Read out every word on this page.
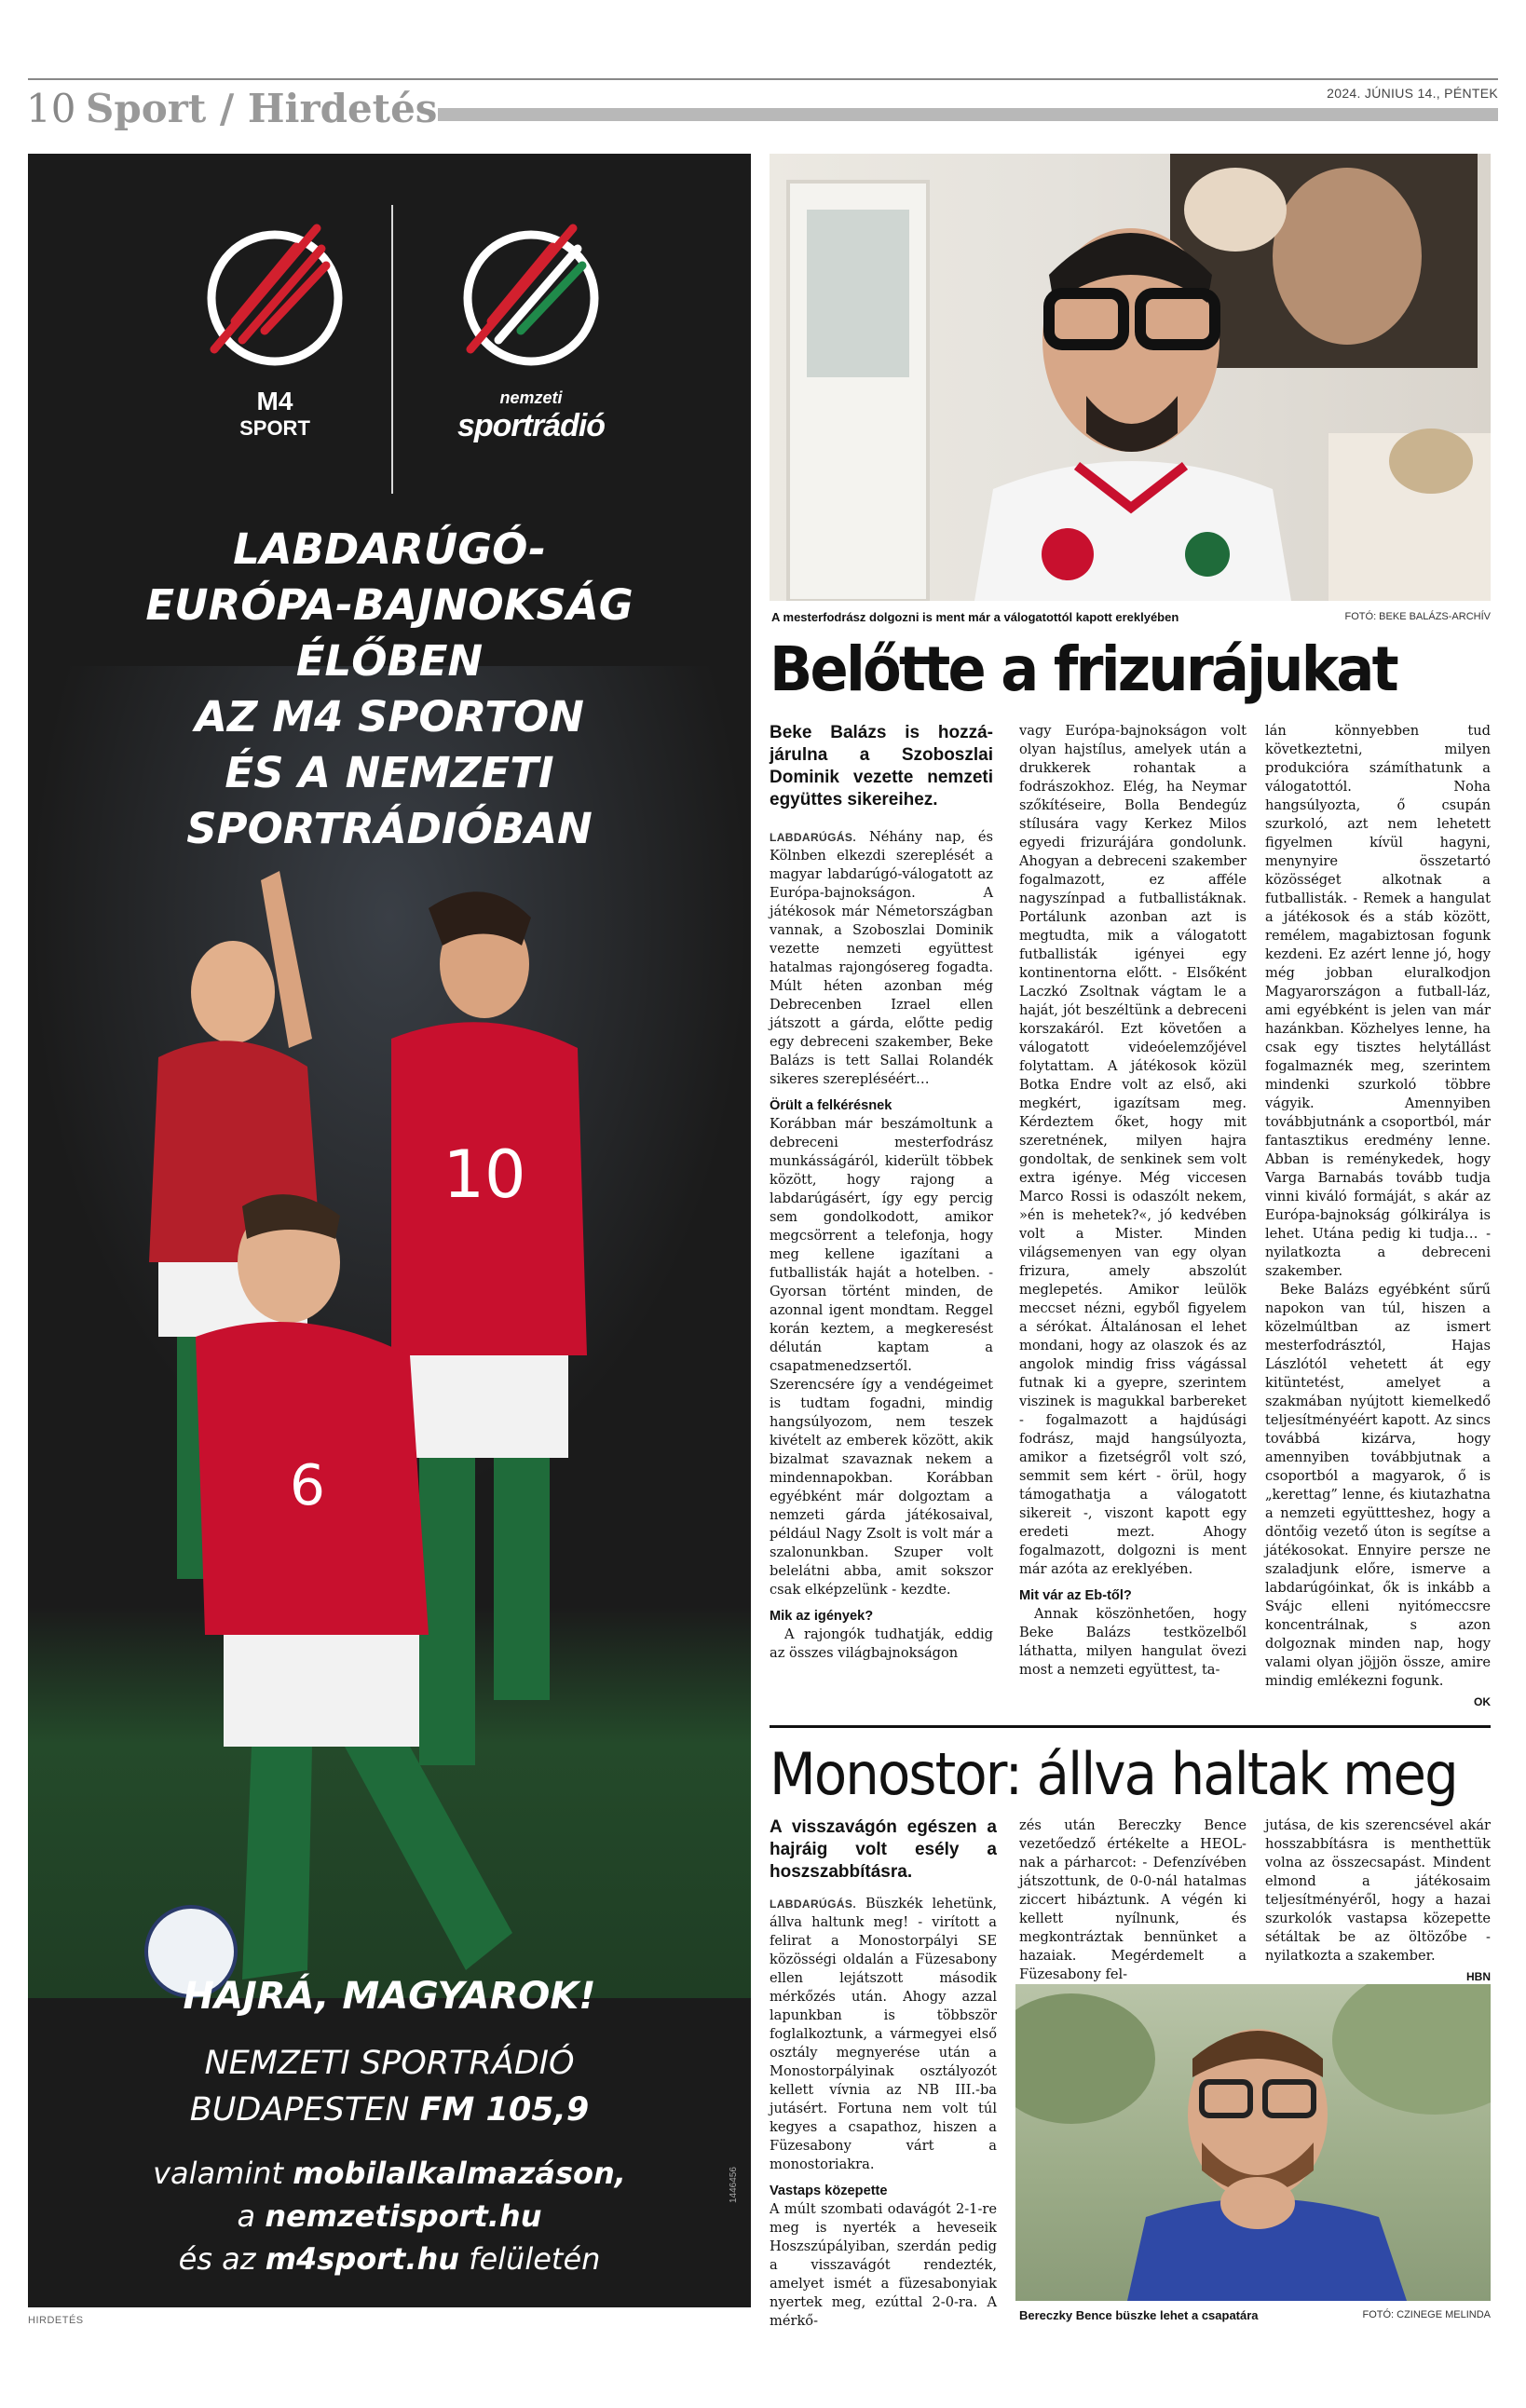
10 Sport / Hirdetés	2024. JÚNIUS 14., PÉNTEK
M4
SPORT
nemzeti
sportrádió
LABDARÚGÓ-
EURÓPA-BAJNOKSÁG
ÉLŐBEN
AZ M4 SPORTON
ÉS A NEMZETI
SPORTRÁDIÓBAN
10
6
HAJRÁ, MAGYAROK!
NEMZETI SPORTRÁDIÓ
BUDAPESTEN FM 105,9
valamint mobilalkalmazáson,
a nemzetisport.hu
és az m4sport.hu felületén
1446456
HIRDETÉS
A mesterfodrász dolgozni is ment már a válogatottól kapott ereklyében	FOTÓ: BEKE BALÁZS-ARCHÍV
Belőtte a frizurájukat
Beke Balázs is hozzájárulna a Szoboszlai Dominik vezette nemzeti együttes sikereihez.

LABDARÚGÁS. Néhány nap, és Kölnben elkezdi szereplését a magyar labdarúgó-válogatott az Európa-bajnokságon. A játékosok már Németországban vannak, a Szoboszlai Dominik vezette nemzeti együttest hatalmas rajongósereg fogadta. Múlt héten azonban még Debrecenben Izrael ellen játszott a gárda, előtte pedig egy debreceni szakember, Beke Balázs is tett Sallai Rolandék sikeres szerepléséért…

Örült a felkérésnek

Korábban már beszámoltunk a debreceni mesterfodrász munkásságáról, kiderült többek között, hogy rajong a labdarúgásért, így egy percig sem gondolkodott, amikor megcsörrent a telefonja, hogy meg kellene igazítani a futballisták haját a hotelben. - Gyorsan történt minden, de azonnal igent mondtam. Reggel korán keztem, a megkeresést délután kaptam a csapatmenedzsertől. Szerencsére így a vendégeimet is tudtam fogadni, mindig hangsúlyozom, nem teszek kivételt az emberek között, akik bizalmat szavaznak nekem a mindennapokban. Korábban egyébként már dolgoztam a nemzeti gárda játékosaival, például Nagy Zsolt is volt már a szalonunkban. Szuper volt belelátni abba, amit sokszor csak elképzelünk - kezdte.

Mik az igények?

A rajongók tudhatják, eddig az összes világbajnokságon

vagy Európa-bajnokságon volt olyan hajstílus, amelyek után a drukkerek rohantak a fodrászokhoz. Elég, ha Neymar szőkítéseire, Bolla Bendegúz stílusára vagy Kerkez Milos egyedi frizurájára gondolunk. Ahogyan a debreceni szakember fogalmazott, ez afféle nagyszínpad a futballistáknak. Portálunk azonban azt is megtudta, mik a válogatott futballisták igényei egy kontinentorna előtt. - Elsőként Laczkó Zsoltnak vágtam le a haját, jót beszéltünk a debreceni korszakáról. Ezt követően a válogatott videóelemzőjével folytattam. A játékosok közül Botka Endre volt az első, aki megkért, igazítsam meg. Kérdeztem őket, hogy mit szeretnének, milyen hajra gondoltak, de senkinek sem volt extra igénye. Még viccesen Marco Rossi is odaszólt nekem, »én is mehetek?«, jó kedvében volt a Mister. Minden világsemenyen van egy olyan frizura, amely abszolút meglepetés. Amikor leülök meccset nézni, egyből figyelem a sérókat. Általánosan el lehet mondani, hogy az olaszok és az angolok mindig friss vágással futnak ki a gyepre, szerintem viszinek is magukkal barbereket - fogalmazott a hajdúsági fodrász, majd hangsúlyozta, amikor a fizetségről volt szó, semmit sem kért - örül, hogy támogathatja a válogatott sikereit -, viszont kapott egy eredeti mezt. Ahogy fogalmazott, dolgozni is ment már azóta az ereklyében.

Mit vár az Eb-től?

Annak köszönhetően, hogy Beke Balázs testközelből láthatta, milyen hangulat övezi most a nemzeti együttest, ta-

lán könnyebben tud következtetni, milyen produkcióra számíthatunk a válogatottól. Noha hangsúlyozta, ő csupán szurkoló, azt nem lehetett figyelmen kívül hagyni, menynyire összetartó közösséget alkotnak a futballisták. - Remek a hangulat a játékosok és a stáb között, remélem, magabiztosan fogunk kezdeni. Ez azért lenne jó, hogy még jobban eluralkodjon Magyarországon a futball-láz, ami egyébként is jelen van már hazánkban. Közhelyes lenne, ha csak egy tisztes helytállást fogalmaznék meg, szerintem mindenki szurkoló többre vágyik. Amennyiben továbbjutnánk a csoportból, már fantasztikus eredmény lenne. Abban is reménykedek, hogy Varga Barnabás tovább tudja vinni kiváló formáját, s akár az Európa-bajnokság gólkirálya is lehet. Utána pedig ki tudja… - nyilatkozta a debreceni szakember.

Beke Balázs egyébként sűrű napokon van túl, hiszen a közelmúltban az ismert mesterfodrásztól, Hajas Lászlótól vehetett át egy kitüntetést, amelyet a szakmában nyújtott kiemelkedő teljesítményéért kapott. Az sincs továbbá kizárva, hogy amennyiben továbbjutnak a csoportból a magyarok, ő is „kerettag” lenne, és kiutazhatna a nemzeti együttteshez, hogy a döntőig vezető úton is segítse a játékosokat. Ennyire persze ne szaladjunk előre, ismerve a labdarúgóinkat, ők is inkább a Svájc elleni nyitómeccsre koncentrálnak, s azon dolgoznak minden nap, hogy valami olyan jöjjön össze, amire mindig emlékezni fogunk.

OK
Monostor: állva haltak meg
A visszavágón egészen a hajráig volt esély a hoszszabbításra.

LABDARÚGÁS. Büszkék lehetünk, állva haltunk meg! - virított a felirat a Monostorpályi SE közösségi oldalán a Füzesabony ellen lejátszott második mérkőzés után. Ahogy azzal lapunkban is többször foglalkoztunk, a vármegyei első osztály megnyerése után a Monostorpályinak osztályozót kellett vívnia az NB III.-ba jutásért. Fortuna nem volt túl kegyes a csapathoz, hiszen a Füzesabony várt a monostoriakra.

Vastaps közepette

A múlt szombati odavágót 2-1-re meg is nyerték a heveseik Hoszszúpályiban, szerdán pedig a visszavágót rendezték, amelyet ismét a füzesabonyiak nyertek meg, ezúttal 2-0-ra. A mérkő-

zés után Bereczky Bence vezetőedző értékelte a HEOL-nak a párharcot: - Defenzívében játszottunk, de 0-0-nál hatalmas ziccert hibáztunk. A végén ki kellett nyílnunk, és megkontráztak bennünket a hazaiak. Megérdemelt a Füzesabony fel-

jutása, de kis szerencsével akár hosszabbításra is menthettük volna az összecsapást. Mindent elmond a játékosaim teljesítményéről, hogy a hazai szurkolók vastapsa közepette sétáltak be az öltözőbe - nyilatkozta a szakember.

HBN
Bereczky Bence büszke lehet a csapatára	FOTÓ: CZINEGE MELINDA
